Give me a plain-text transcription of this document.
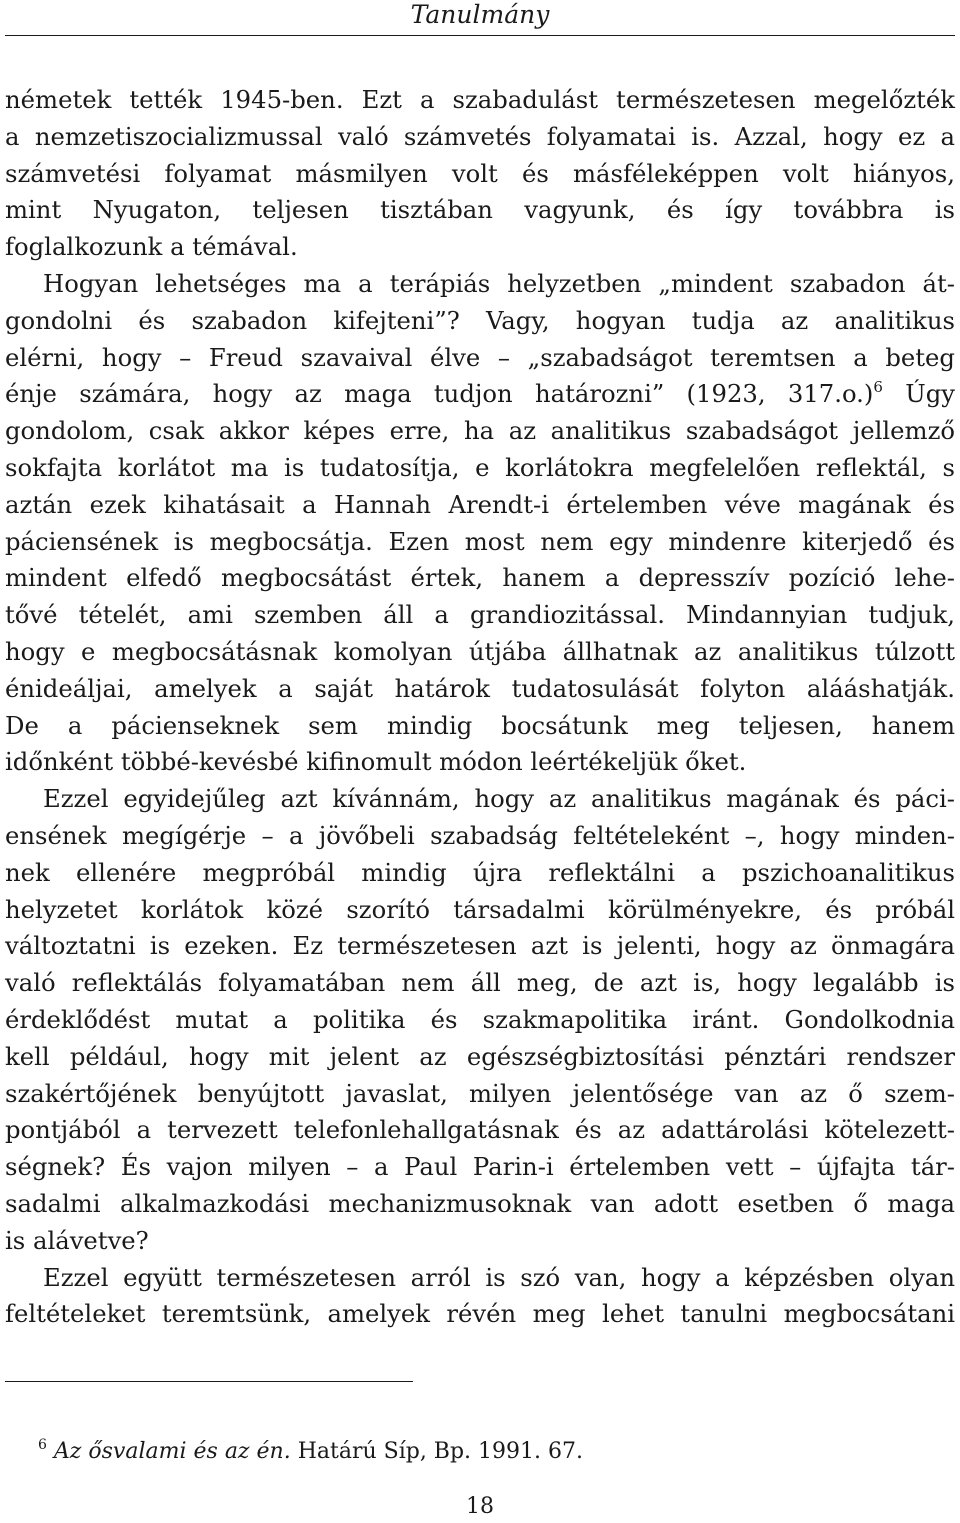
Tanulmány
németek tették 1945-ben. Ezt a szabadulást természetesen megelőzték
a nemzetiszocializmussal való számvetés folyamatai is. Azzal, hogy ez a
számvetési folyamat másmilyen volt és másféleképpen volt hiányos,
mint Nyugaton, teljesen tisztában vagyunk, és így továbbra is
foglalkozunk a témával.
Hogyan lehetséges ma a terápiás helyzetben „mindent szabadon át-
gondolni és szabadon kifejteni”? Vagy, hogyan tudja az analitikus
elérni, hogy – Freud szavaival élve – „szabadságot teremtsen a beteg
énje számára, hogy az maga tudjon határozni” (1923, 317.o.)$^6$ Úgy
gondolom, csak akkor képes erre, ha az analitikus szabadságot jellemző
sokfajta korlátot ma is tudatosítja, e korlátokra megfelelően reflektál, s
aztán ezek kihatásait a Hannah Arendt-i értelemben véve magának és
páciensének is megbocsátja. Ezen most nem egy mindenre kiterjedő és
mindent elfedő megbocsátást értek, hanem a depresszív pozíció lehe-
tővé tételét, ami szemben áll a grandiozitással. Mindannyian tudjuk,
hogy e megbocsátásnak komolyan útjába állhatnak az analitikus túlzott
énideáljai, amelyek a saját határok tudatosulását folyton alááshatják.
De a pácienseknek sem mindig bocsátunk meg teljesen, hanem
időnként többé-kevésbé kifinomult módon leértékeljük őket.
Ezzel egyidejűleg azt kívánnám, hogy az analitikus magának és páci-
ensének megígérje – a jövőbeli szabadság feltételeként –, hogy minden-
nek ellenére megpróbál mindig újra reflektálni a pszichoanalitikus
helyzetet korlátok közé szorító társadalmi körülményekre, és próbál
változtatni is ezeken. Ez természetesen azt is jelenti, hogy az önmagára
való reflektálás folyamatában nem áll meg, de azt is, hogy legalább is
érdeklődést mutat a politika és szakmapolitika iránt. Gondolkodnia
kell például, hogy mit jelent az egészségbiztosítási pénztári rendszer
szakértőjének benyújtott javaslat, milyen jelentősége van az ő szem-
pontjából a tervezett telefonlehallgatásnak és az adattárolási kötelezett-
ségnek? És vajon milyen – a Paul Parin-i értelemben vett – újfajta tár-
sadalmi alkalmazkodási mechanizmusoknak van adott esetben ő maga
is alávetve?
Ezzel együtt természetesen arról is szó van, hogy a képzésben olyan
feltételeket teremtsünk, amelyek révén meg lehet tanulni megbocsátani
$^6$ Az ősvalami és az én. Határú Síp, Bp. 1991. 67.
18
